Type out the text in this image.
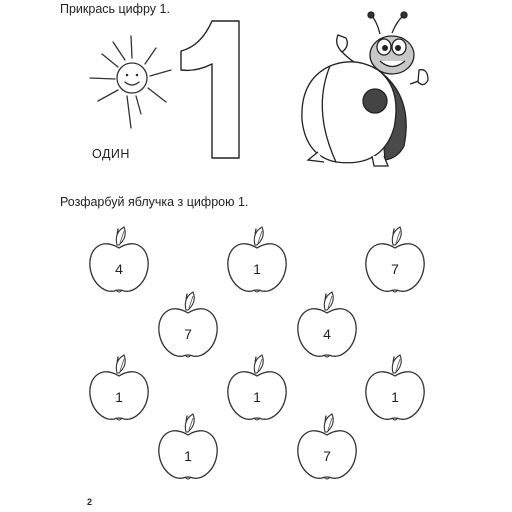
Прикрась цифру 1.

ОДИН

Розфарбуй яблучка з цифрою 1.

4	1	7
7	4
1	1	1
1	7

2
